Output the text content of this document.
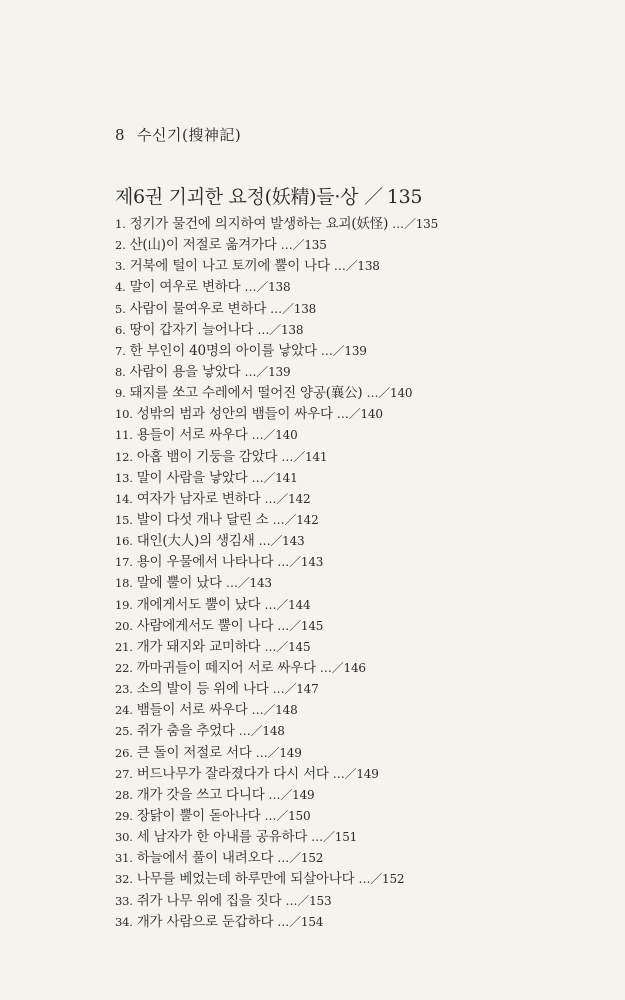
8 수신기(搜神記)
제6권 기괴한 요정(妖精)들·상 ／ 135
1. 정기가 물건에 의지하여 발생하는 요괴(妖怪) …／135
2. 산(山)이 저절로 옮겨가다 …／135
3. 거북에 털이 나고 토끼에 뿔이 나다 …／138
4. 말이 여우로 변하다 …／138
5. 사람이 물여우로 변하다 …／138
6. 땅이 갑자기 늘어나다 …／138
7. 한 부인이 40명의 아이를 낳았다 …／139
8. 사람이 용을 낳았다 …／139
9. 돼지를 쏘고 수레에서 떨어진 양공(襄公) …／140
10. 성밖의 범과 성안의 뱀들이 싸우다 …／140
11. 용들이 서로 싸우다 …／140
12. 아홉 뱀이 기둥을 감았다 …／141
13. 말이 사람을 낳았다 …／141
14. 여자가 남자로 변하다 …／142
15. 발이 다섯 개나 달린 소 …／142
16. 대인(大人)의 생김새 …／143
17. 용이 우물에서 나타나다 …／143
18. 말에 뿔이 났다 …／143
19. 개에게서도 뿔이 났다 …／144
20. 사람에게서도 뿔이 나다 …／145
21. 개가 돼지와 교미하다 …／145
22. 까마귀들이 떼지어 서로 싸우다 …／146
23. 소의 발이 등 위에 나다 …／147
24. 뱀들이 서로 싸우다 …／148
25. 쥐가 춤을 추었다 …／148
26. 큰 돌이 저절로 서다 …／149
27. 버드나무가 잘라졌다가 다시 서다 …／149
28. 개가 갓을 쓰고 다니다 …／149
29. 장닭이 뿔이 돋아나다 …／150
30. 세 남자가 한 아내를 공유하다 …／151
31. 하늘에서 풀이 내려오다 …／152
32. 나무를 베었는데 하루만에 되살아나다 …／152
33. 쥐가 나무 위에 집을 짓다 …／153
34. 개가 사람으로 둔갑하다 …／154
